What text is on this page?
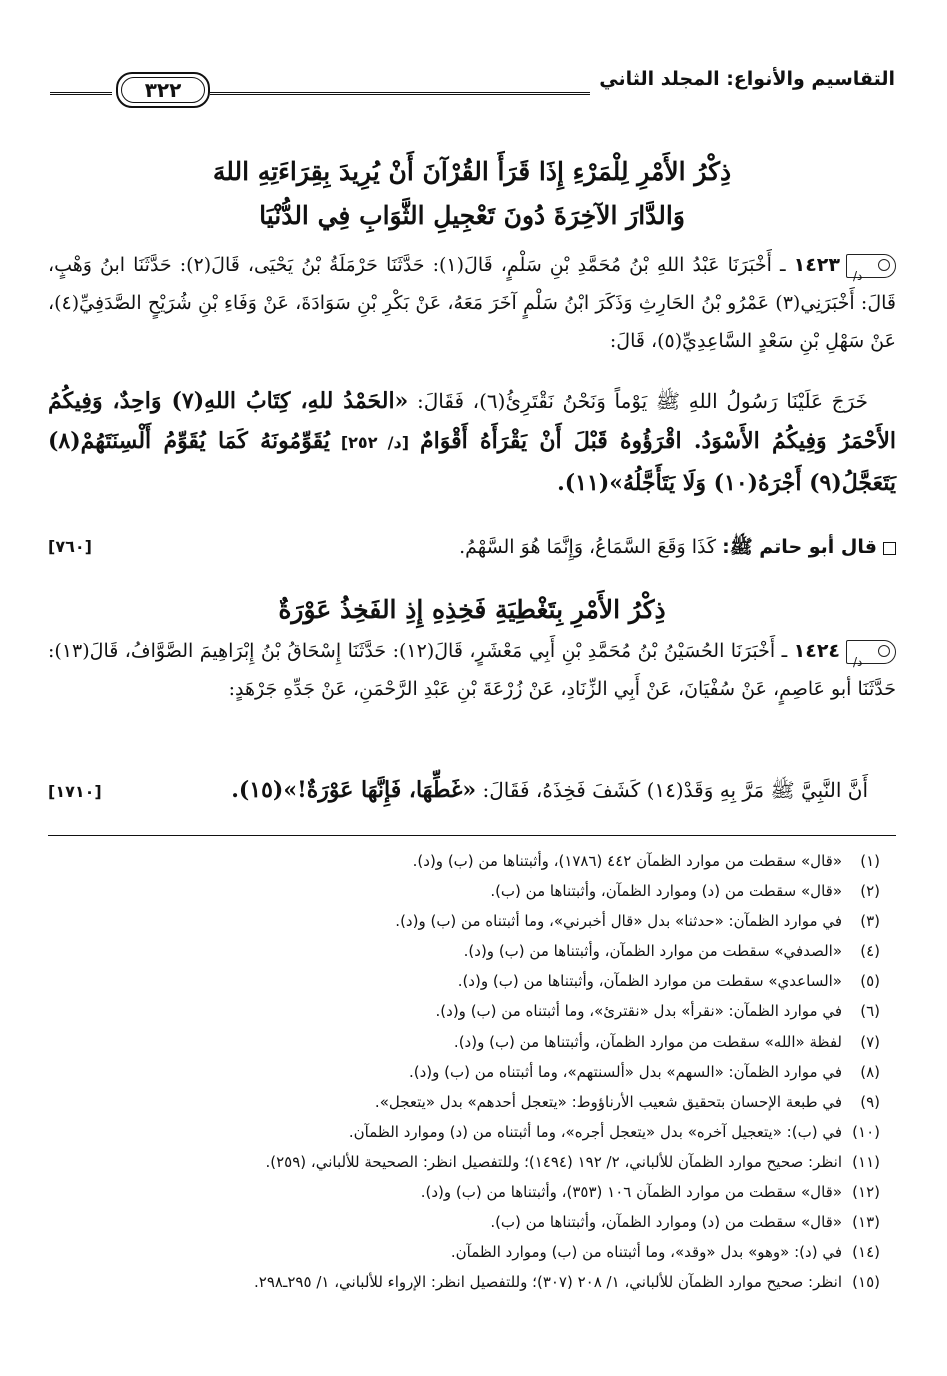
التقاسيم والأنواع: المجلد الثاني
٣٢٢
ذِكْرُ الأَمْرِ لِلْمَرْءِ إِذَا قَرَأَ القُرْآنَ أَنْ يُرِيدَ بِقِرَاءَتِهِ اللهَ
وَالدَّارَ الآخِرَةَ دُونَ تَعْجِيلِ الثَّوَابِ فِي الدُّنْيَا
د/
١٤٢٣ ـ أَخْبَرَنَا عَبْدُ اللهِ بْنُ مُحَمَّدِ بْنِ سَلْمٍ، قَالَ(١): حَدَّثَنَا حَرْمَلَةُ بْنُ يَحْيَى، قَالَ(٢): حَدَّثَنَا ابنُ وَهْبٍ، قَالَ: أَخْبَرَنِي(٣) عَمْرُو بْنُ الحَارِثِ وَذَكَرَ ابْنُ سَلْمٍ آخَرَ مَعَهُ، عَنْ بَكْرِ بْنِ سَوَادَةَ، عَنْ وَفَاءِ بْنِ شُرَيْحٍ الصَّدَفِيِّ(٤)، عَنْ سَهْلِ بْنِ سَعْدٍ السَّاعِدِيِّ(٥)، قَالَ:
خَرَجَ عَلَيْنَا رَسُولُ اللهِ ﷺ يَوْماً وَنَحْنُ نَقْتَرِئُ(٦)، فَقَالَ: «الحَمْدُ للهِ، كِتَابُ اللهِ(٧) وَاحِدٌ، وَفِيكُمُ الأَحْمَرُ وَفِيكُمُ الأَسْوَدُ. اقْرَؤُوهُ قَبْلَ أَنْ يَقْرَأَهُ أَقْوَامٌ [د/ ٢٥٢] يُقَوِّمُونَهُ كَمَا يُقَوِّمُ أَلْسِنَتَهُمْ(٨) يَتَعَجَّلُ(٩) أَجْرَهُ(١٠) وَلَا يَتَأَجَّلُهُ»(١١).
قال أبو حاتم ﷺ: كَذَا وَقَعَ السَّمَاعُ، وَإِنَّمَا هُوَ السَّهْمُ.
[٧٦٠]
ذِكْرُ الأَمْرِ بِتَغْطِيَةِ فَخِذِهِ إِذِ الفَخِذُ عَوْرَةٌ
د/
١٤٢٤ ـ أَخْبَرَنَا الحُسَيْنُ بْنُ مُحَمَّدِ بْنِ أَبِي مَعْشَرٍ، قَالَ(١٢): حَدَّثَنَا إِسْحَاقُ بْنُ إِبْرَاهِيمَ الصَّوَّافُ، قَالَ(١٣): حَدَّثَنَا أبو عَاصِمٍ، عَنْ سُفْيَانَ، عَنْ أَبِي الزِّنَادِ، عَنْ زُرْعَةَ بْنِ عَبْدِ الرَّحْمَنِ، عَنْ جَدِّهِ جَرْهَدٍ:
أَنَّ النَّبِيَّ ﷺ مَرَّ بِهِ وَقَدْ(١٤) كَشَفَ فَخِذَهُ، فَقَالَ: «غَطِّهَا، فَإِنَّهَا عَوْرَةٌ!»(١٥).
[١٧١٠]
(١)«قال» سقطت من موارد الظمآن ٤٤٢ (١٧٨٦)، وأثبتناها من (ب) و(د).
(٢)«قال» سقطت من (د) وموارد الظمآن، وأثبتناها من (ب).
(٣)في موارد الظمآن: «حدثنا» بدل «قال أخبرني»، وما أثبتناه من (ب) و(د).
(٤)«الصدفي» سقطت من موارد الظمآن، وأثبتناها من (ب) و(د).
(٥)«الساعدي» سقطت من موارد الظمآن، وأثبتناها من (ب) و(د).
(٦)في موارد الظمآن: «نقرأ» بدل «نقترئ»، وما أثبتناه من (ب) و(د).
(٧)لفظة «الله» سقطت من موارد الظمآن، وأثبتناها من (ب) و(د).
(٨)في موارد الظمآن: «السهم» بدل «ألسنتهم»، وما أثبتناه من (ب) و(د).
(٩)في طبعة الإحسان بتحقيق شعيب الأرناؤوط: «يتعجل أحدهم» بدل «يتعجل».
(١٠)في (ب): «يتعجيل آخره» بدل «يتعجل أجره»، وما أثبتناه من (د) وموارد الظمآن.
(١١)انظر: صحيح موارد الظمآن للألباني، ٢/ ١٩٢ (١٤٩٤)؛ وللتفصيل انظر: الصحيحة للألباني، (٢٥٩).
(١٢)«قال» سقطت من موارد الظمآن ١٠٦ (٣٥٣)، وأثبتناها من (ب) و(د).
(١٣)«قال» سقطت من (د) وموارد الظمآن، وأثبتناها من (ب).
(١٤)في (د): «وهو» بدل «وقد»، وما أثبتناه من (ب) وموارد الظمآن.
(١٥)انظر: صحيح موارد الظمآن للألباني، ١/ ٢٠٨ (٣٠٧)؛ وللتفصيل انظر: الإرواء للألباني، ١/ ٢٩٥ـ٢٩٨.
